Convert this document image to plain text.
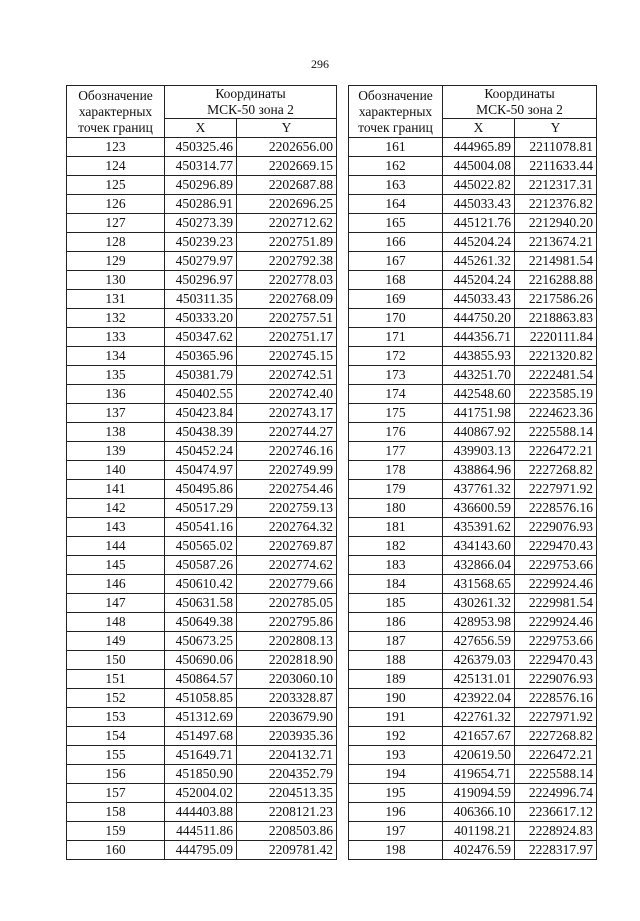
296
Обозначение
характерных
точек границ	Координаты
МСК-50 зона 2	
	X	Y
123	450325.46	2202656.00
124	450314.77	2202669.15
125	450296.89	2202687.88
126	450286.91	2202696.25
127	450273.39	2202712.62
128	450239.23	2202751.89
129	450279.97	2202792.38
130	450296.97	2202778.03
131	450311.35	2202768.09
132	450333.20	2202757.51
133	450347.62	2202751.17
134	450365.96	2202745.15
135	450381.79	2202742.51
136	450402.55	2202742.40
137	450423.84	2202743.17
138	450438.39	2202744.27
139	450452.24	2202746.16
140	450474.97	2202749.99
141	450495.86	2202754.46
142	450517.29	2202759.13
143	450541.16	2202764.32
144	450565.02	2202769.87
145	450587.26	2202774.62
146	450610.42	2202779.66
147	450631.58	2202785.05
148	450649.38	2202795.86
149	450673.25	2202808.13
150	450690.06	2202818.90
151	450864.57	2203060.10
152	451058.85	2203328.87
153	451312.69	2203679.90
154	451497.68	2203935.36
155	451649.71	2204132.71
156	451850.90	2204352.79
157	452004.02	2204513.35
158	444403.88	2208121.23
159	444511.86	2208503.86
160	444795.09	2209781.42
Обозначение
характерных
точек границ	Координаты
МСК-50 зона 2	
	X	Y
161	444965.89	2211078.81
162	445004.08	2211633.44
163	445022.82	2212317.31
164	445033.43	2212376.82
165	445121.76	2212940.20
166	445204.24	2213674.21
167	445261.32	2214981.54
168	445204.24	2216288.88
169	445033.43	2217586.26
170	444750.20	2218863.83
171	444356.71	2220111.84
172	443855.93	2221320.82
173	443251.70	2222481.54
174	442548.60	2223585.19
175	441751.98	2224623.36
176	440867.92	2225588.14
177	439903.13	2226472.21
178	438864.96	2227268.82
179	437761.32	2227971.92
180	436600.59	2228576.16
181	435391.62	2229076.93
182	434143.60	2229470.43
183	432866.04	2229753.66
184	431568.65	2229924.46
185	430261.32	2229981.54
186	428953.98	2229924.46
187	427656.59	2229753.66
188	426379.03	2229470.43
189	425131.01	2229076.93
190	423922.04	2228576.16
191	422761.32	2227971.92
192	421657.67	2227268.82
193	420619.50	2226472.21
194	419654.71	2225588.14
195	419094.59	2224996.74
196	406366.10	2236617.12
197	401198.21	2228924.83
198	402476.59	2228317.97
